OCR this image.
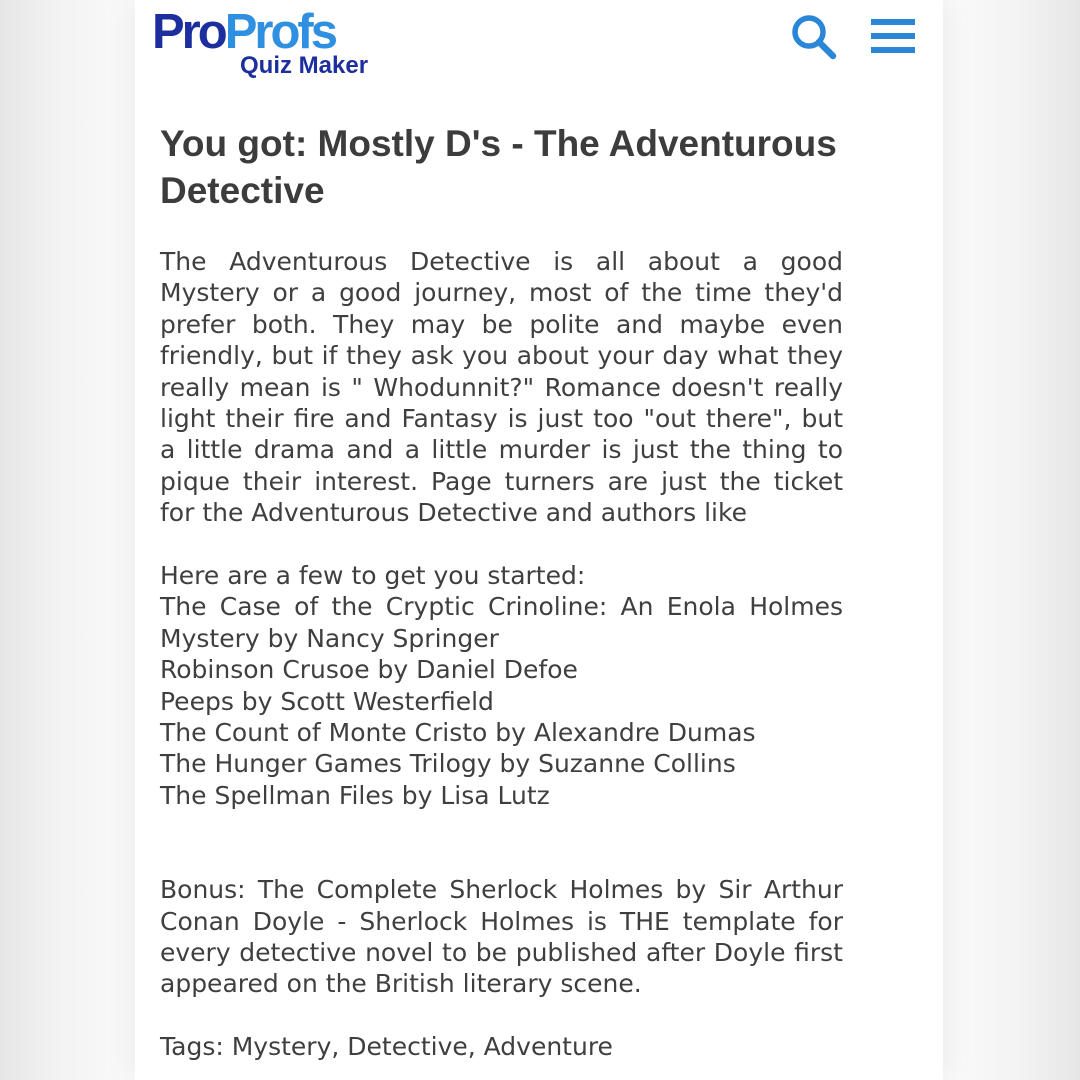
ProProfs
Quiz Maker
You got: Mostly D's - The Adventurous Detective

The Adventurous Detective is all about a good Mystery or a good journey, most of the time they'd prefer both. They may be polite and maybe even friendly, but if they ask you about your day what they really mean is " Whodunnit?" Romance doesn't really light their fire and Fantasy is just too "out there", but a little drama and a little murder is just the thing to pique their interest. Page turners are just the ticket for the Adventurous Detective and authors like

Here are a few to get you started:

The Case of the Cryptic Crinoline: An Enola Holmes Mystery by Nancy Springer
Robinson Crusoe by Daniel Defoe
Peeps by Scott Westerfield
The Count of Monte Cristo by Alexandre Dumas
The Hunger Games Trilogy by Suzanne Collins
The Spellman Files by Lisa Lutz

Bonus: The Complete Sherlock Holmes by Sir Arthur Conan Doyle - Sherlock Holmes is THE template for every detective novel to be published after Doyle first appeared on the British literary scene.

Tags: Mystery, Detective, Adventure
